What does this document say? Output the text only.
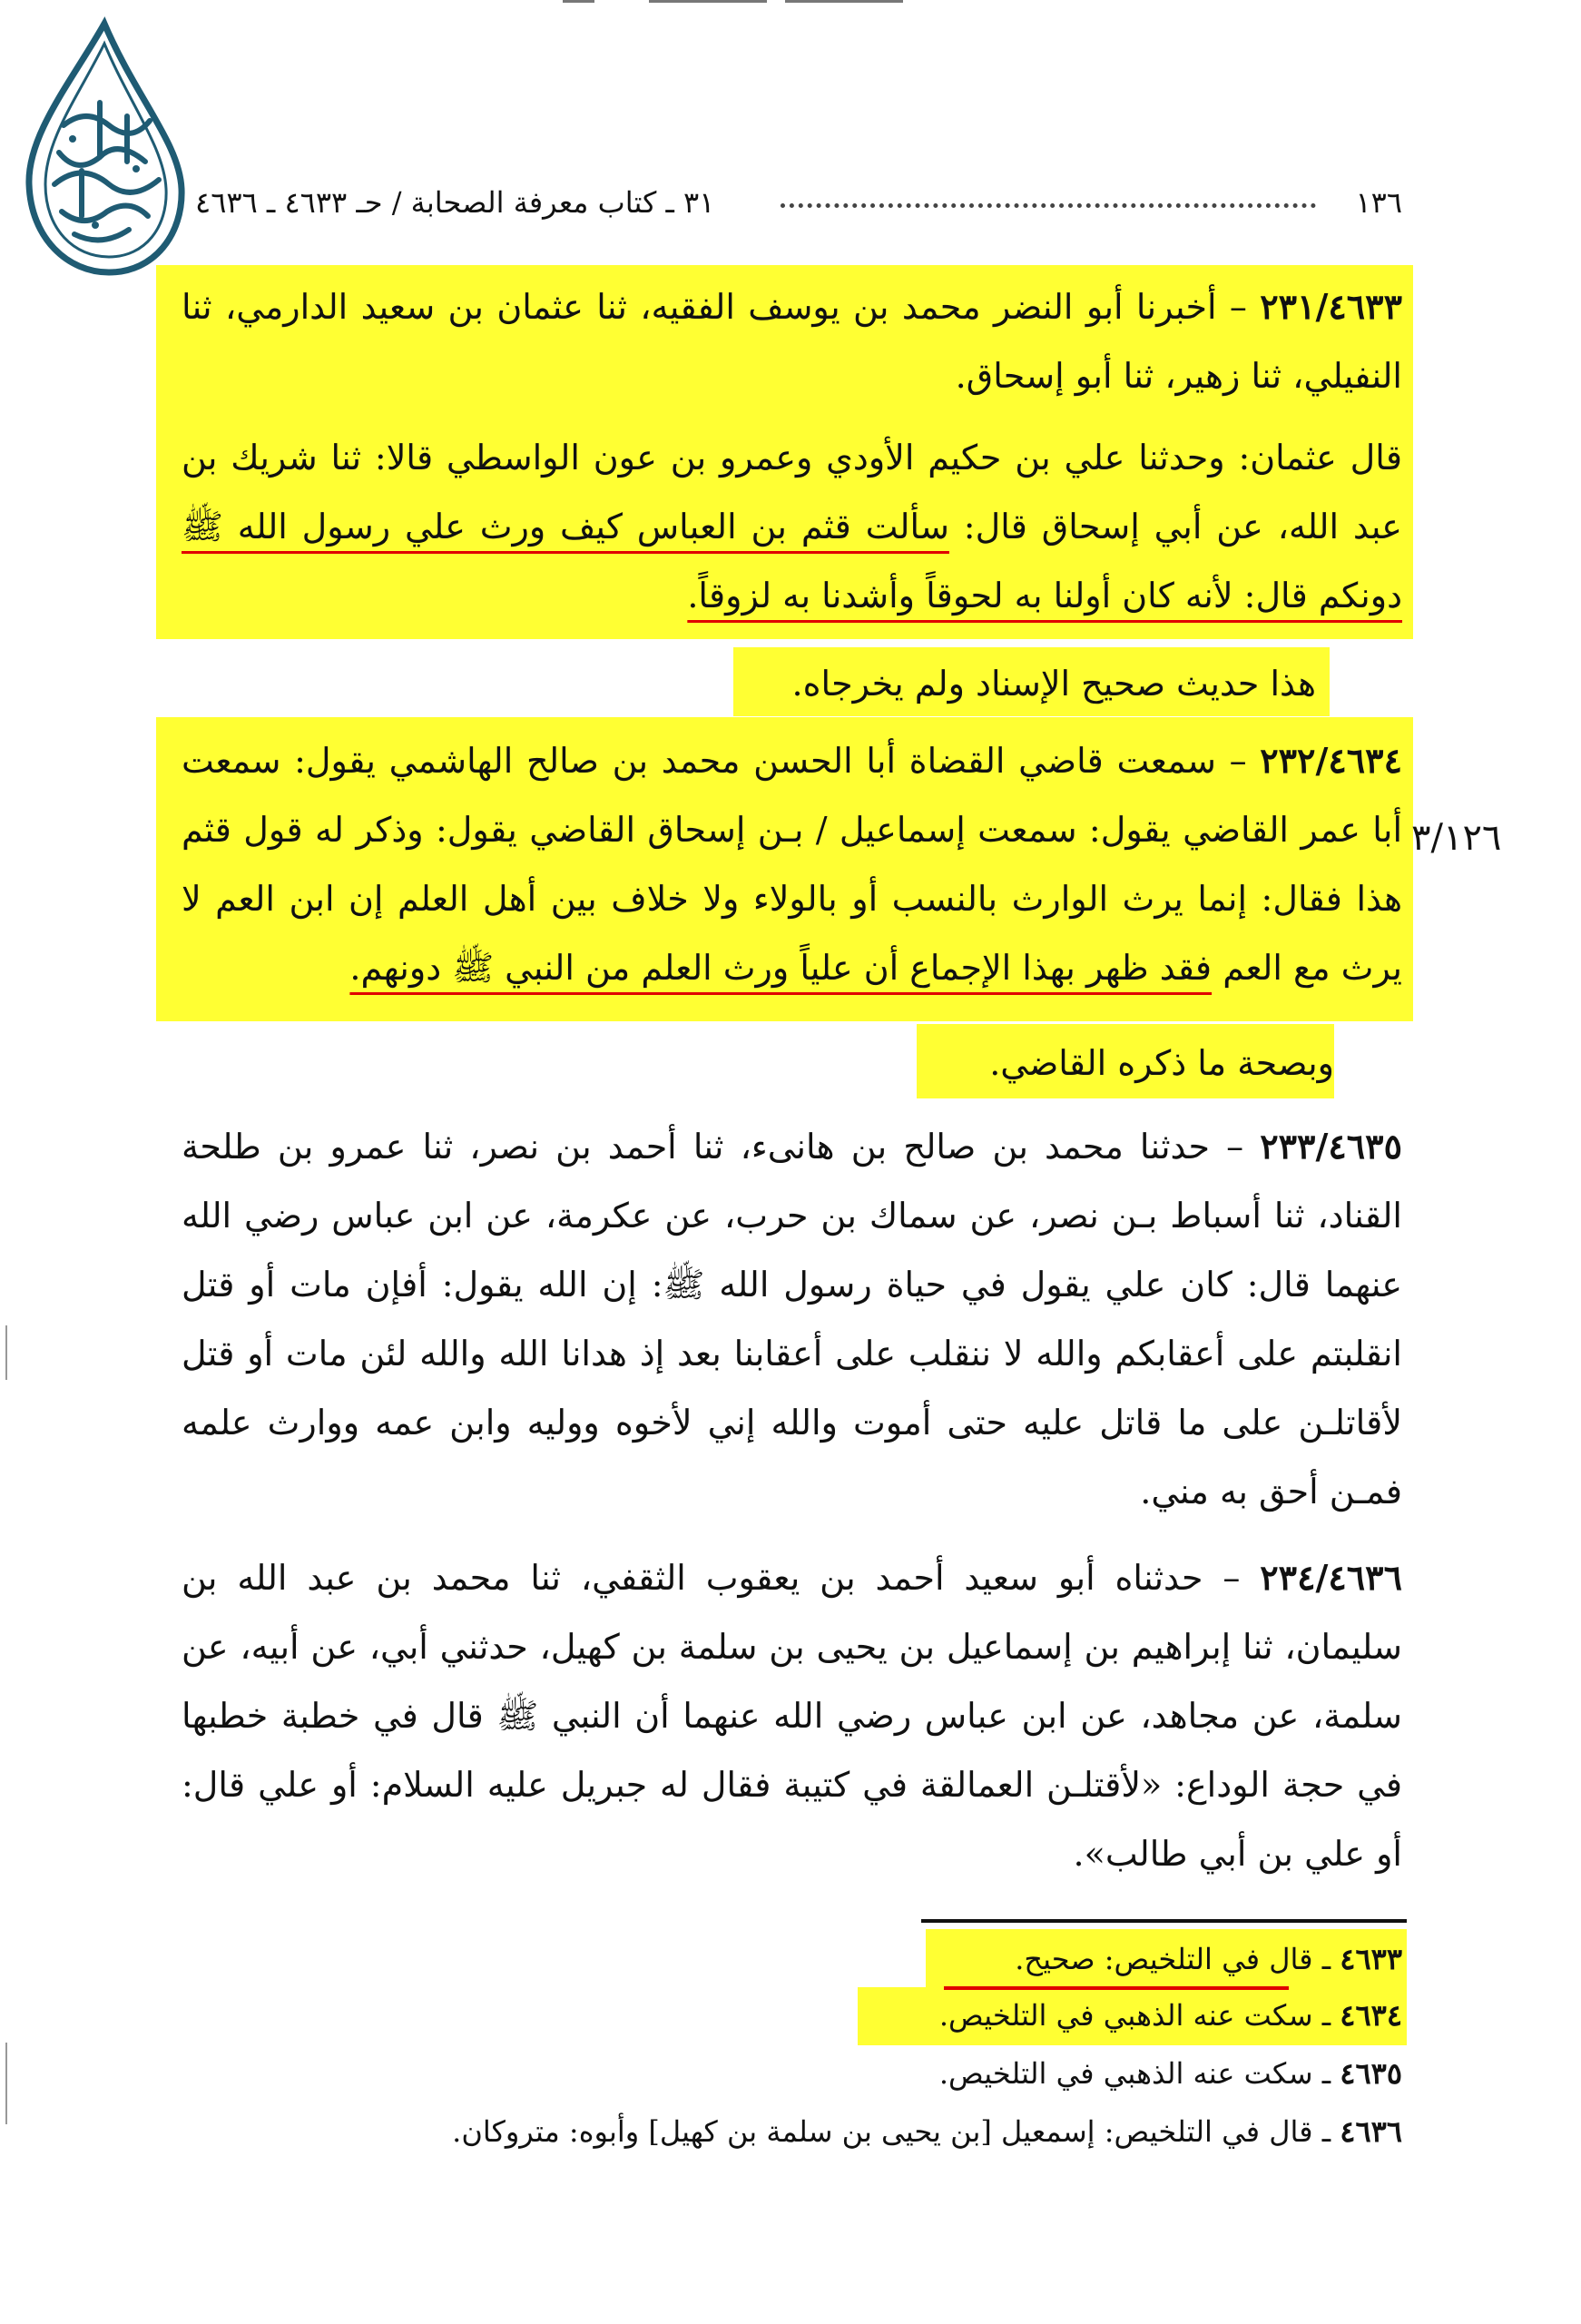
١٣٦
٣١ ـ كتاب معرفة الصحابة / حـ ٤٦٣٣ ـ ٤٦٣٦
٢٣١/٤٦٣٣ – أخبرنا أبو النضر محمد بن يوسف الفقيه، ثنا عثمان بن سعيد الدارمي، ثنا النفيلي، ثنا زهير، ثنا أبو إسحاق.
قال عثمان: وحدثنا علي بن حكيم الأودي وعمرو بن عون الواسطي قالا: ثنا شريك بن عبد الله، عن أبي إسحاق قال: سألت قثم بن العباس كيف ورث علي رسول الله ﷺ دونكم قال: لأنه كان أولنا به لحوقاً وأشدنا به لزوقاً.
هذا حديث صحيح الإسناد ولم يخرجاه.
٣/١٢٦
٢٣٢/٤٦٣٤ – سمعت قاضي القضاة أبا الحسن محمد بن صالح الهاشمي يقول: سمعت أبا عمر القاضي يقول: سمعت إسماعيل / بـن إسحاق القاضي يقول: وذكر له قول قثم هذا فقال: إنما يرث الوارث بالنسب أو بالولاء ولا خلاف بين أهل العلم إن ابن العم لا يرث مع العم فقد ظهر بهذا الإجماع أن علياً ورث العلم من النبي ﷺ دونهم.
وبصحة ما ذكره القاضي.
٢٣٣/٤٦٣٥ – حدثنا محمد بن صالح بن هانىء، ثنا أحمد بن نصر، ثنا عمرو بن طلحة القناد، ثنا أسباط بـن نصر، عن سماك بن حرب، عن عكرمة، عن ابن عباس رضي الله عنهما قال: كان علي يقول في حياة رسول الله ﷺ: إن الله يقول: أفإن مات أو قتل انقلبتم على أعقابكم والله لا ننقلب على أعقابنا بعد إذ هدانا الله والله لئن مات أو قتل لأقاتلـن على ما قاتل عليه حتى أموت والله إني لأخوه ووليه وابن عمه ووارث علمه فمـن أحق به مني.
٢٣٤/٤٦٣٦ – حدثناه أبو سعيد أحمد بن يعقوب الثقفي، ثنا محمد بن عبد الله بن سليمان، ثنا إبراهيم بن إسماعيل بن يحيى بن سلمة بن كهيل، حدثني أبي، عن أبيه، عن سلمة، عن مجاهد، عن ابن عباس رضي الله عنهما أن النبي ﷺ قال في خطبة خطبها في حجة الوداع: «لأقتلـن العمالقة في كتيبة فقال له جبريل عليه السلام: أو علي قال: أو علي بن أبي طالب».
٤٦٣٣ ـ قال في التلخيص: صحيح.
٤٦٣٤ ـ سكت عنه الذهبي في التلخيص.
٤٦٣٥ ـ سكت عنه الذهبي في التلخيص.
٤٦٣٦ ـ قال في التلخيص: إسمعيل [بن يحيى بن سلمة بن كهيل] وأبوه: متروكان.
